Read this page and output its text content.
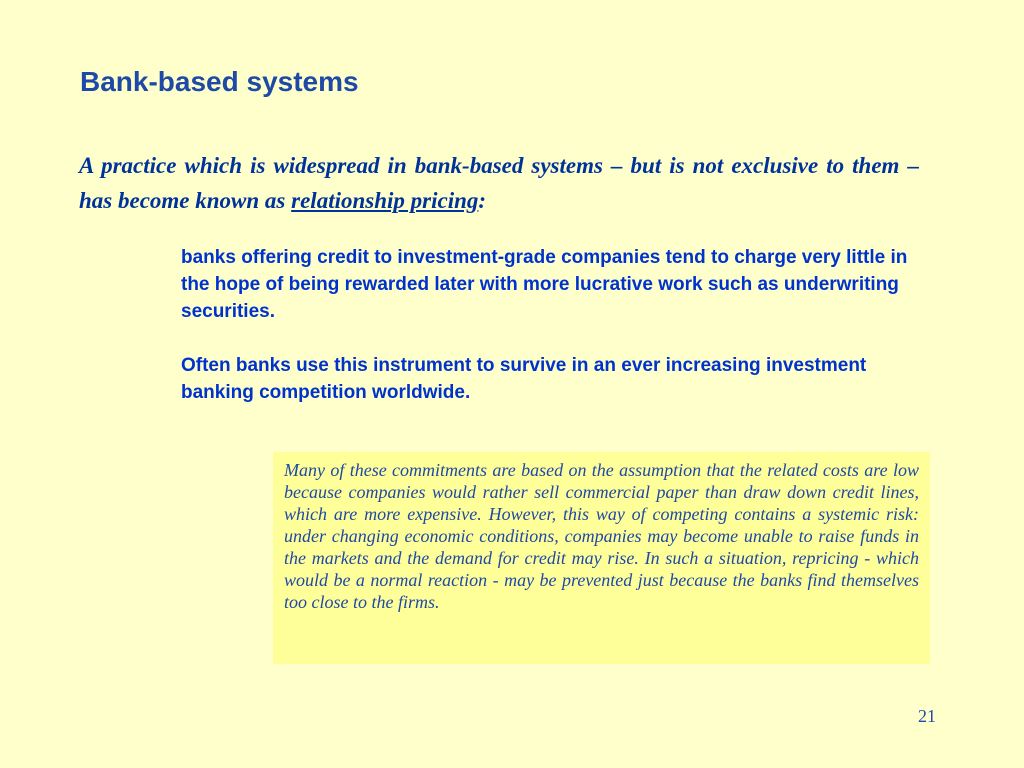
Bank-based systems

A practice which is widespread in bank-based systems – but is not exclusive to them – has become known as relationship pricing:

banks offering credit to investment-grade companies tend to charge very little in the hope of being rewarded later with more lucrative work such as underwriting securities.

Often banks use this instrument to survive in an ever increasing investment banking competition worldwide.

Many of these commitments are based on the assumption that the related costs are low because companies would rather sell commercial paper than draw down credit lines, which are more expensive. However, this way of competing contains a systemic risk: under changing economic conditions, companies may become unable to raise funds in the markets and the demand for credit may rise. In such a situation, repricing - which would be a normal reaction - may be prevented just because the banks find themselves too close to the firms.

21
